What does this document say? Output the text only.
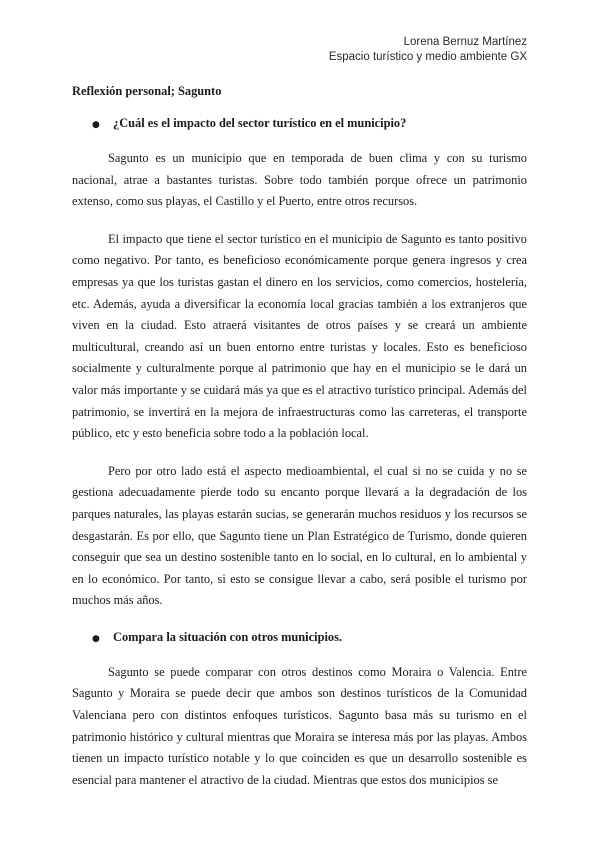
Lorena Bernuz Martínez
Espacio turístico y medio ambiente GX
Reflexión personal; Sagunto
●	¿Cuál es el impacto del sector turístico en el municipio?

Sagunto es un municipio que en temporada de buen clima y con su turismo nacional, atrae a bastantes turistas. Sobre todo también porque ofrece un patrimonio extenso, como sus playas, el Castillo y el Puerto, entre otros recursos.

El impacto que tiene el sector turístico en el municipio de Sagunto es tanto positivo como negativo. Por tanto, es beneficioso económicamente porque genera ingresos y crea empresas ya que los turistas gastan el dinero en los servicios, como comercios, hostelería, etc. Además, ayuda a diversificar la economía local gracias también a los extranjeros que viven en la ciudad. Esto atraerá visitantes de otros países y se creará un ambiente multicultural, creando así un buen entorno entre turistas y locales. Esto es beneficioso socialmente y culturalmente porque al patrimonio que hay en el municipio se le dará un valor más importante y se cuidará más ya que es el atractivo turístico principal. Además del patrimonio, se invertirá en la mejora de infraestructuras como las carreteras, el transporte público, etc y esto beneficia sobre todo a la población local.

Pero por otro lado está el aspecto medioambiental, el cual si no se cuida y no se gestiona adecuadamente pierde todo su encanto porque llevará a la degradación de los parques naturales, las playas estarán sucias, se generarán muchos residuos y los recursos se desgastarán. Es por ello, que Sagunto tiene un Plan Estratégico de Turismo, donde quieren conseguir que sea un destino sostenible tanto en lo social, en lo cultural, en lo ambiental y en lo económico. Por tanto, si esto se consigue llevar a cabo, será posible el turismo por muchos más años.

●	Compara la situación con otros municipios.

Sagunto se puede comparar con otros destinos como Moraira o Valencia. Entre Sagunto y Moraira se puede decir que ambos son destinos turísticos de la Comunidad Valenciana pero con distintos enfoques turísticos. Sagunto basa más su turismo en el patrimonio histórico y cultural mientras que Moraira se interesa más por las playas. Ambos tienen un impacto turístico notable y lo que coinciden es que un desarrollo sostenible es esencial para mantener el atractivo de la ciudad. Mientras que estos dos municipios se
